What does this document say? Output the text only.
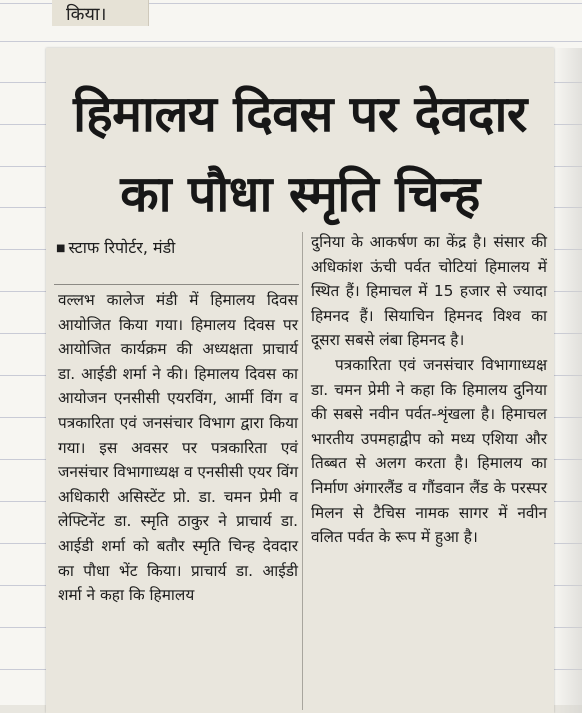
किया।
हिमालय दिवस पर देवदार
का पौधा स्मृति चिन्ह
■ स्टाफ रिपोर्टर, मंडी

वल्लभ कालेज मंडी में हिमालय दिवस आयोजित किया गया। हिमालय दिवस पर आयोजित कार्यक्रम की अध्यक्षता प्राचार्य डा. आईडी शर्मा ने की। हिमालय दिवस का आयोजन एनसीसी एयरविंग, आर्मी विंग व पत्रकारिता एवं जनसंचार विभाग द्वारा किया गया। इस अवसर पर पत्रकारिता एवं जनसंचार विभागाध्यक्ष व एनसीसी एयर विंग अधिकारी असिस्टेंट प्रो. डा. चमन प्रेमी व लेफ्टिनेंट डा. स्मृति ठाकुर ने प्राचार्य डा. आईडी शर्मा को बतौर स्मृति चिन्ह देवदार का पौधा भेंट किया। प्राचार्य डा. आईडी शर्मा ने कहा कि हिमालय

दुनिया के आकर्षण का केंद्र है। संसार की अधिकांश ऊंची पर्वत चोटियां हिमालय में स्थित हैं। हिमाचल में 15 हजार से ज्यादा हिमनद हैं। सियाचिन हिमनद विश्व का दूसरा सबसे लंबा हिमनद है।

पत्रकारिता एवं जनसंचार विभागाध्यक्ष डा. चमन प्रेमी ने कहा कि हिमालय दुनिया की सबसे नवीन पर्वत-शृंखला है। हिमाचल भारतीय उपमहाद्वीप को मध्य एशिया और तिब्बत से अलग करता है। हिमालय का निर्माण अंगारलैंड व गौंडवान लैंड के परस्पर मिलन से टैचिस नामक सागर में नवीन वलित पर्वत के रूप में हुआ है।
